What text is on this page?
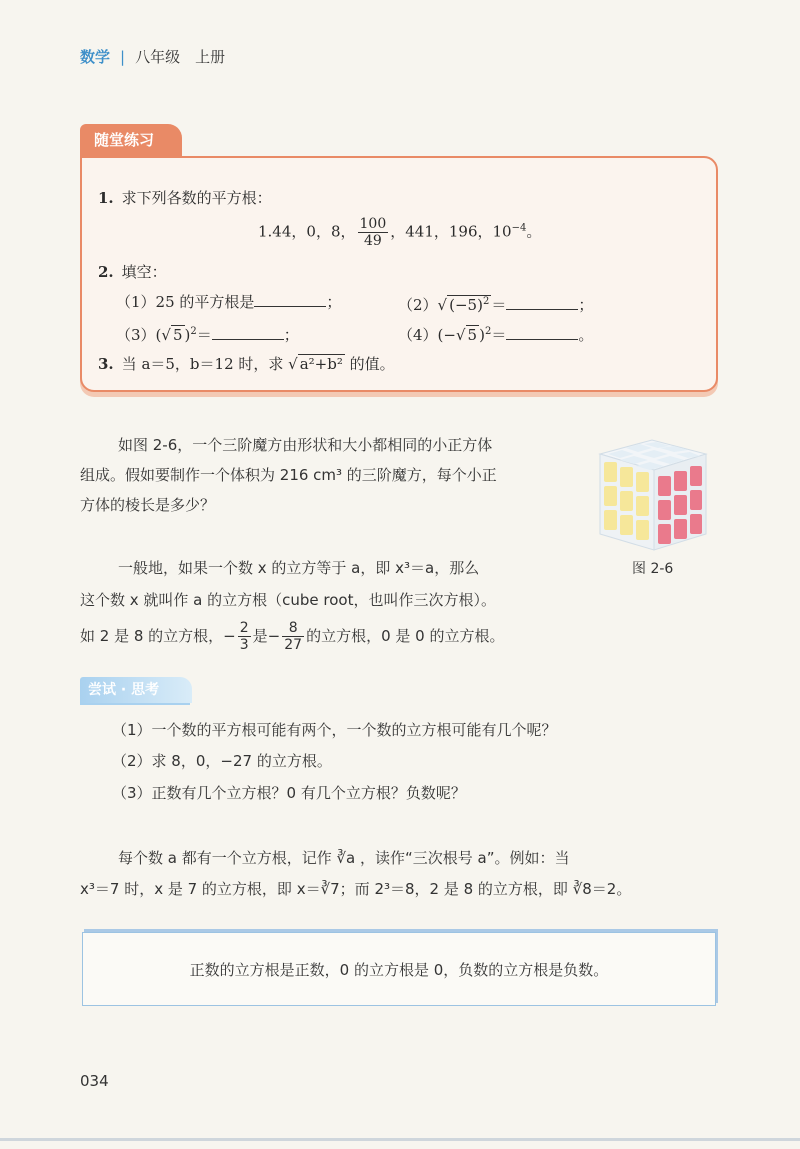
数学 | 八年级　上册
随堂练习
1. 求下列各数的平方根：
1.44，0，8， $\frac{100}{49}$ ，441，196，$10^{-4}$。
2. 填空：
（1）25 的平方根是	；	（2）√ $(-5)^2$ ＝	；
（3）(√ 5 )$^2$＝	；	（4）(−√ 5 )$^2$＝	。
3. 当 a＝5，b＝12 时，求 √ a²+b² 的值。
如图 2-6，一个三阶魔方由形状和大小都相同的小正方体
组成。假如要制作一个体积为 216 cm³ 的三阶魔方，每个小正
方体的棱长是多少？
图 2-6
一般地，如果一个数 x 的立方等于 a，即 x³＝a，那么
这个数 x 就叫作 a 的立方根（cube root，也叫作三次方根）。
如 2 是 8 的立方根，− $\frac{2}{3}$ 是− $\frac{8}{27}$ 的立方根，0 是 0 的立方根。
尝试 · 思考
（1）一个数的平方根可能有两个，一个数的立方根可能有几个呢？
（2）求 8，0，−27 的立方根。
（3）正数有几个立方根？0 有几个立方根？负数呢？
每个数 a 都有一个立方根，记作 ∛a ，读作“三次根号 a”。例如：当
x³＝7 时，x 是 7 的立方根，即 x＝∛7；而 2³＝8，2 是 8 的立方根，即 ∛8＝2。
正数的立方根是正数，0 的立方根是 0，负数的立方根是负数。
034
